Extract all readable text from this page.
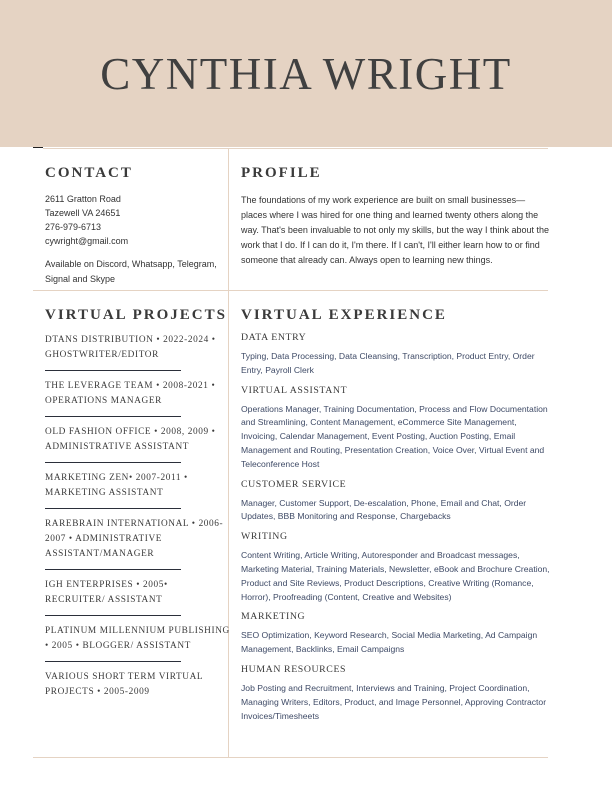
CYNTHIA WRIGHT
CONTACT
2611 Gratton Road
Tazewell VA 24651
276-979-6713
cywright@gmail.com
Available on Discord, Whatsapp, Telegram, Signal and Skype
PROFILE
The foundations of my work experience are built on small businesses—places where I was hired for one thing and learned twenty others along the way. That's been invaluable to not only my skills, but the way I think about the work that I do. If I can do it, I'm there. If I can't, I'll either learn how to or find someone that already can. Always open to learning new things.
VIRTUAL PROJECTS
DTANS DISTRIBUTION • 2022-2024 • GHOSTWRITER/EDITOR
THE LEVERAGE TEAM • 2008-2021 • OPERATIONS MANAGER
OLD FASHION OFFICE • 2008, 2009 • ADMINISTRATIVE ASSISTANT
MARKETING ZEN• 2007-2011 • MARKETING ASSISTANT
RAREBRAIN INTERNATIONAL • 2006-2007 • ADMINISTRATIVE ASSISTANT/MANAGER
IGH ENTERPRISES • 2005• RECRUITER/ ASSISTANT
PLATINUM MILLENNIUM PUBLISHING • 2005 • BLOGGER/ ASSISTANT
VARIOUS SHORT TERM VIRTUAL PROJECTS • 2005-2009
VIRTUAL EXPERIENCE
DATA ENTRY
Typing, Data Processing, Data Cleansing, Transcription, Product Entry, Order Entry, Payroll Clerk
VIRTUAL ASSISTANT
Operations Manager, Training Documentation, Process and Flow Documentation and Streamlining, Content Management, eCommerce Site Management, Invoicing, Calendar Management, Event Posting, Auction Posting, Email Management and Routing, Presentation Creation, Voice Over, Virtual Event and Teleconference Host
CUSTOMER SERVICE
Manager, Customer Support, De-escalation, Phone, Email and Chat, Order Updates, BBB Monitoring and Response, Chargebacks
WRITING
Content Writing, Article Writing, Autoresponder and Broadcast messages, Marketing Material, Training Materials, Newsletter, eBook and Brochure Creation, Product and Site Reviews, Product Descriptions, Creative Writing (Romance, Horror), Proofreading (Content, Creative and Websites)
MARKETING
SEO Optimization, Keyword Research, Social Media Marketing, Ad Campaign Management, Backlinks, Email Campaigns
HUMAN RESOURCES
Job Posting and Recruitment, Interviews and Training, Project Coordination, Managing Writers, Editors, Product, and Image Personnel, Approving Contractor Invoices/Timesheets
